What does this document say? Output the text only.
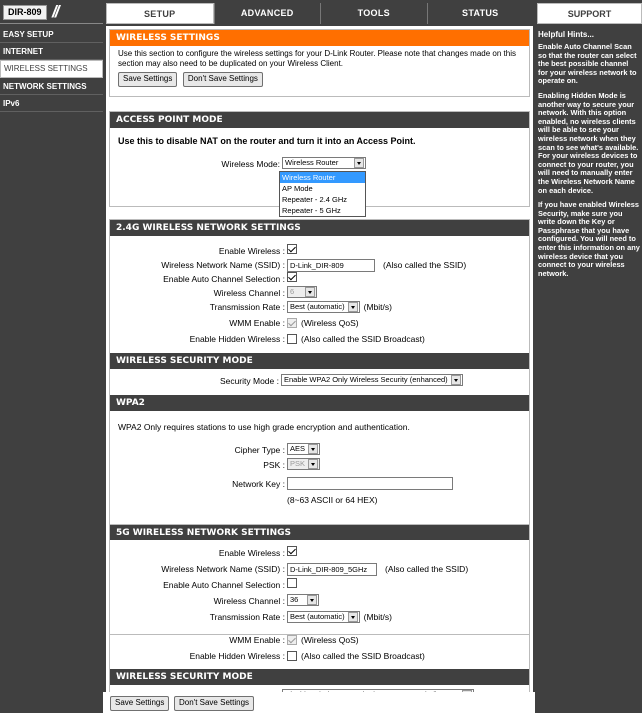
DIR-809 //	SETUP	ADVANCED	TOOLS	STATUS	SUPPORT
EASY SETUP
INTERNET
WIRELESS SETTINGS
NETWORK SETTINGS
IPv6
WIRELESS SETTINGS
Use this section to configure the wireless settings for your D-Link Router. Please note that changes made on this section may also need to be duplicated on your Wireless Client.
Save Settings Don't Save Settings
ACCESS POINT MODE
Use this to disable NAT on the router and turn it into an Access Point.
Wireless Mode: Wireless Router
2.4G WIRELESS NETWORK SETTINGS
Enable Wireless :
Wireless Network Name (SSID) : D-Link_DIR-809	(Also called the SSID)
Enable Auto Channel Selection :
Wireless Channel : 6
Transmission Rate : Best (automatic) (Mbit/s)
WMM Enable : (Wireless QoS)
Enable Hidden Wireless : (Also called the SSID Broadcast)
WIRELESS SECURITY MODE
Security Mode : Enable WPA2 Only Wireless Security (enhanced)
WPA2
WPA2 Only requires stations to use high grade encryption and authentication.
Cipher Type : AES
PSK : PSK
Network Key :
(8~63 ASCII or 64 HEX)
5G WIRELESS NETWORK SETTINGS
Enable Wireless :
Wireless Network Name (SSID) : D-Link_DIR-809_5GHz	(Also called the SSID)
Enable Auto Channel Selection :
Wireless Channel : 36
Transmission Rate : Best (automatic) (Mbit/s)
WMM Enable : (Wireless QoS)
Enable Hidden Wireless : (Also called the SSID Broadcast)
WIRELESS SECURITY MODE
Save Settings	Don't Save Settings
Wireless Router
AP Mode
Repeater - 2.4 GHz
Repeater - 5 GHz
Helpful Hints...

Enable Auto Channel Scan so that the router can select the best possible channel for your wireless network to operate on.

Enabling Hidden Mode is another way to secure your network. With this option enabled, no wireless clients will be able to see your wireless network when they scan to see what's available. For your wireless devices to connect to your router, you will need to manually enter the Wireless Network Name on each device.

If you have enabled Wireless Security, make sure you write down the Key or Passphrase that you have configured. You will need to enter this information on any wireless device that you connect to your wireless network.
